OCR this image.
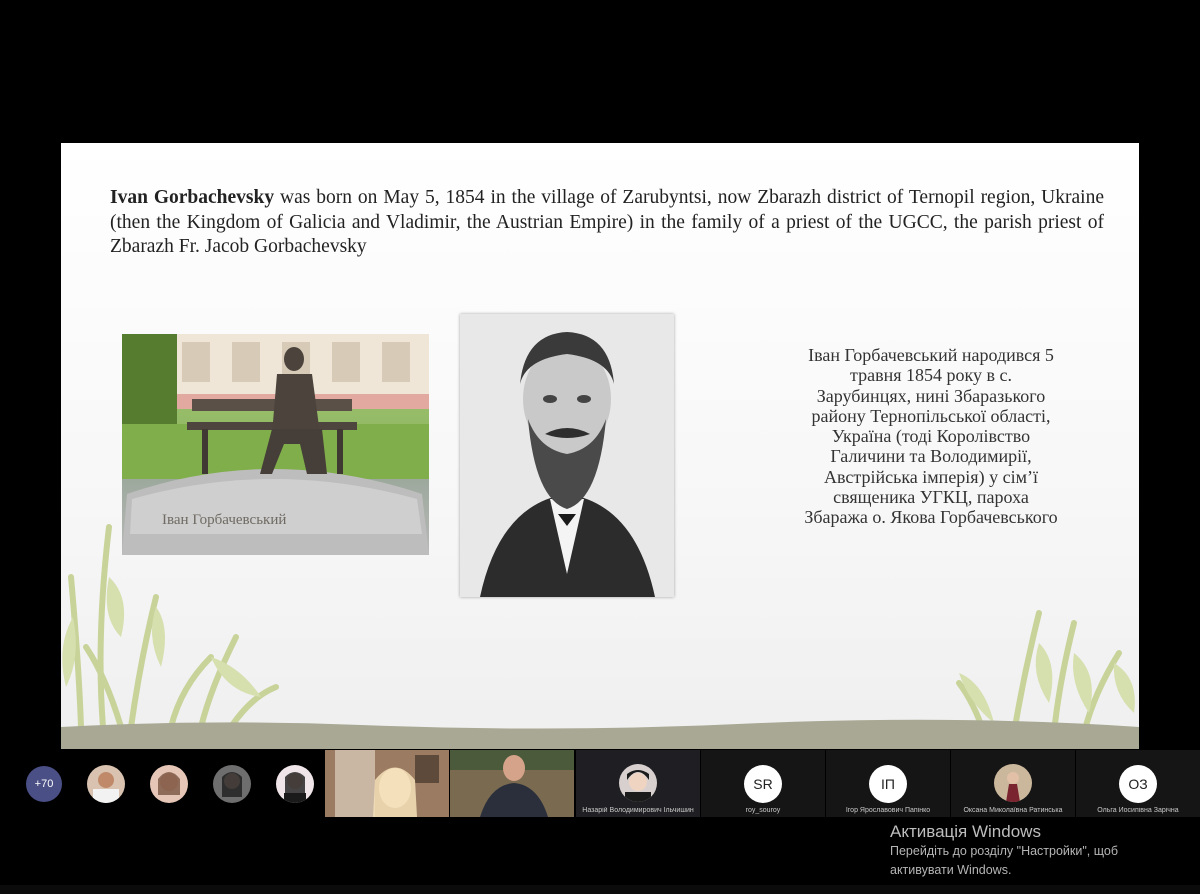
Ivan Gorbachevsky was born on May 5, 1854 in the village of Zarubyntsi, now Zbarazh district of Ternopil region, Ukraine (then the Kingdom of Galicia and Vladimir, the Austrian Empire) in the family of a priest of the UGCC, the parish priest of Zbarazh Fr. Jacob Gorbachevsky
Іван Горбачевський
Іван Горбачевський народився 5
травня 1854 року в с.
Зарубинцях, нині Збаразького
району Тернопільської області,
Україна (тоді Королівство
Галичини та Володимирії,
Австрійська імперія) у сім’ї
священика УГКЦ, пароха
Збаража о. Якова Горбачевського
+70
Назарій Володимирович Ільчишин
SR
roy_souroy
ІП
Ігор Ярославович Папінко	Оксана Миколаївна Ратинська
ОЗ
Ольга Йосипівна Зарічна
Активація Windows
Перейдіть до розділу "Настройки", щоб
активувати Windows.
